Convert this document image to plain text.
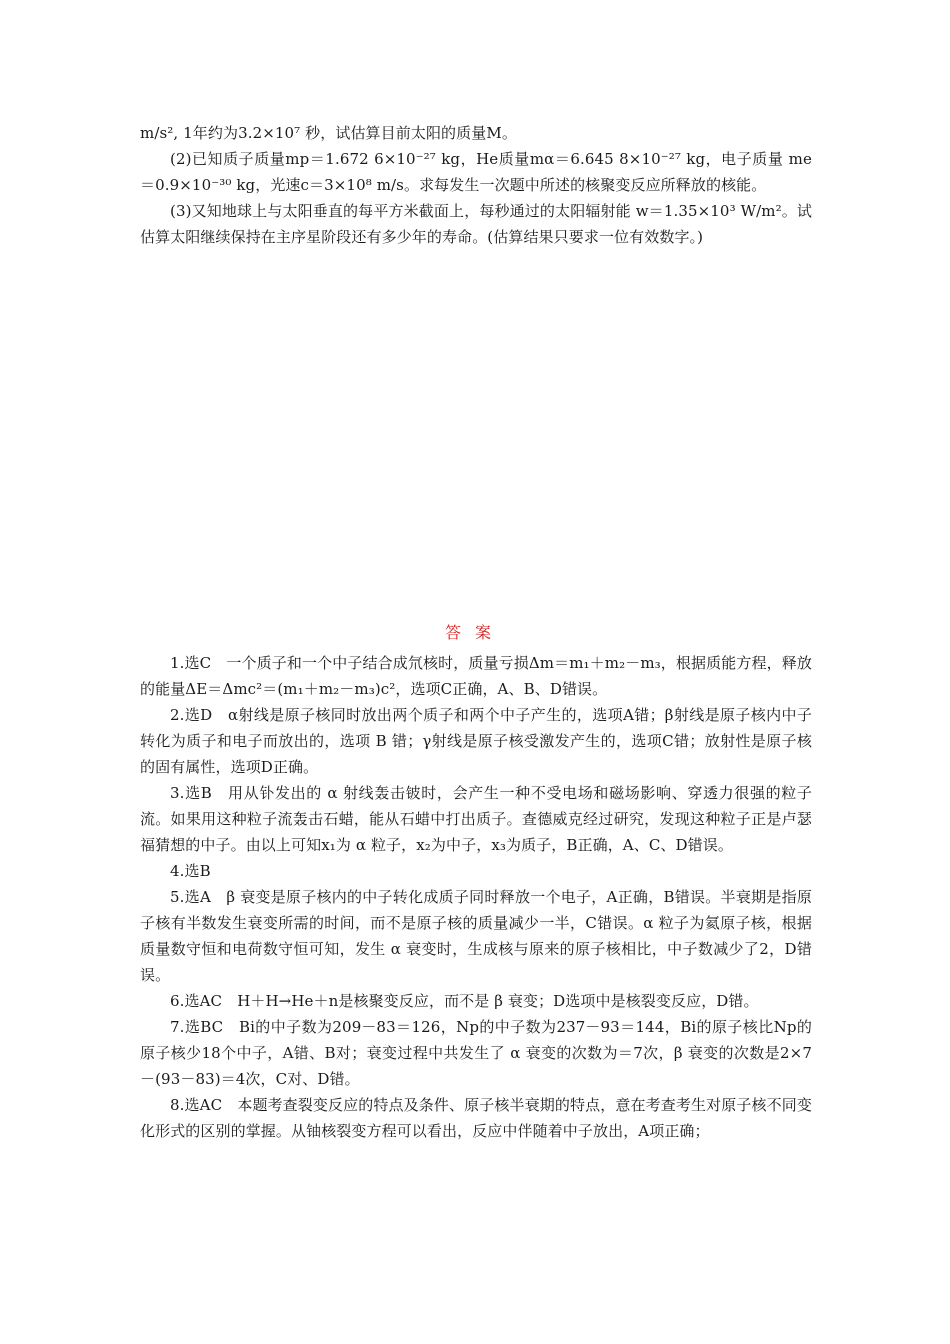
m/s², 1年约为3.2×10⁷ 秒，试估算目前太阳的质量M。

(2)已知质子质量mp＝1.672 6×10⁻²⁷ kg，He质量mα＝6.645 8×10⁻²⁷ kg，电子质量 me＝0.9×10⁻³⁰ kg，光速c＝3×10⁸ m/s。求每发生一次题中所述的核聚变反应所释放的核能。

(3)又知地球上与太阳垂直的每平方米截面上，每秒通过的太阳辐射能 w＝1.35×10³ W/m²。试估算太阳继续保持在主序星阶段还有多少年的寿命。(估算结果只要求一位有效数字。)

答案

1.选C　一个质子和一个中子结合成氘核时，质量亏损Δm＝m₁＋m₂－m₃，根据质能方程，释放的能量ΔE＝Δmc²＝(m₁＋m₂－m₃)c²，选项C正确，A、B、D错误。

2.选D　α射线是原子核同时放出两个质子和两个中子产生的，选项A错；β射线是原子核内中子转化为质子和电子而放出的，选项 B 错；γ射线是原子核受激发产生的，选项C错；放射性是原子核的固有属性，选项D正确。

3.选B　用从钋发出的 α 射线轰击铍时，会产生一种不受电场和磁场影响、穿透力很强的粒子流。如果用这种粒子流轰击石蜡，能从石蜡中打出质子。查德威克经过研究，发现这种粒子正是卢瑟福猜想的中子。由以上可知x₁为 α 粒子，x₂为中子，x₃为质子，B正确，A、C、D错误。

4.选B

5.选A　β 衰变是原子核内的中子转化成质子同时释放一个电子，A正确，B错误。半衰期是指原子核有半数发生衰变所需的时间，而不是原子核的质量减少一半，C错误。α 粒子为氦原子核，根据质量数守恒和电荷数守恒可知，发生 α 衰变时，生成核与原来的原子核相比，中子数减少了2，D错误。

6.选AC　H＋H→He＋n是核聚变反应，而不是 β 衰变；D选项中是核裂变反应，D错。

7.选BC　Bi的中子数为209－83＝126，Np的中子数为237－93＝144，Bi的原子核比Np的原子核少18个中子，A错、B对；衰变过程中共发生了 α 衰变的次数为＝7次，β 衰变的次数是2×7－(93－83)＝4次，C对、D错。

8.选AC　本题考查裂变反应的特点及条件、原子核半衰期的特点，意在考查考生对原子核不同变化形式的区别的掌握。从铀核裂变方程可以看出，反应中伴随着中子放出，A项正确；
